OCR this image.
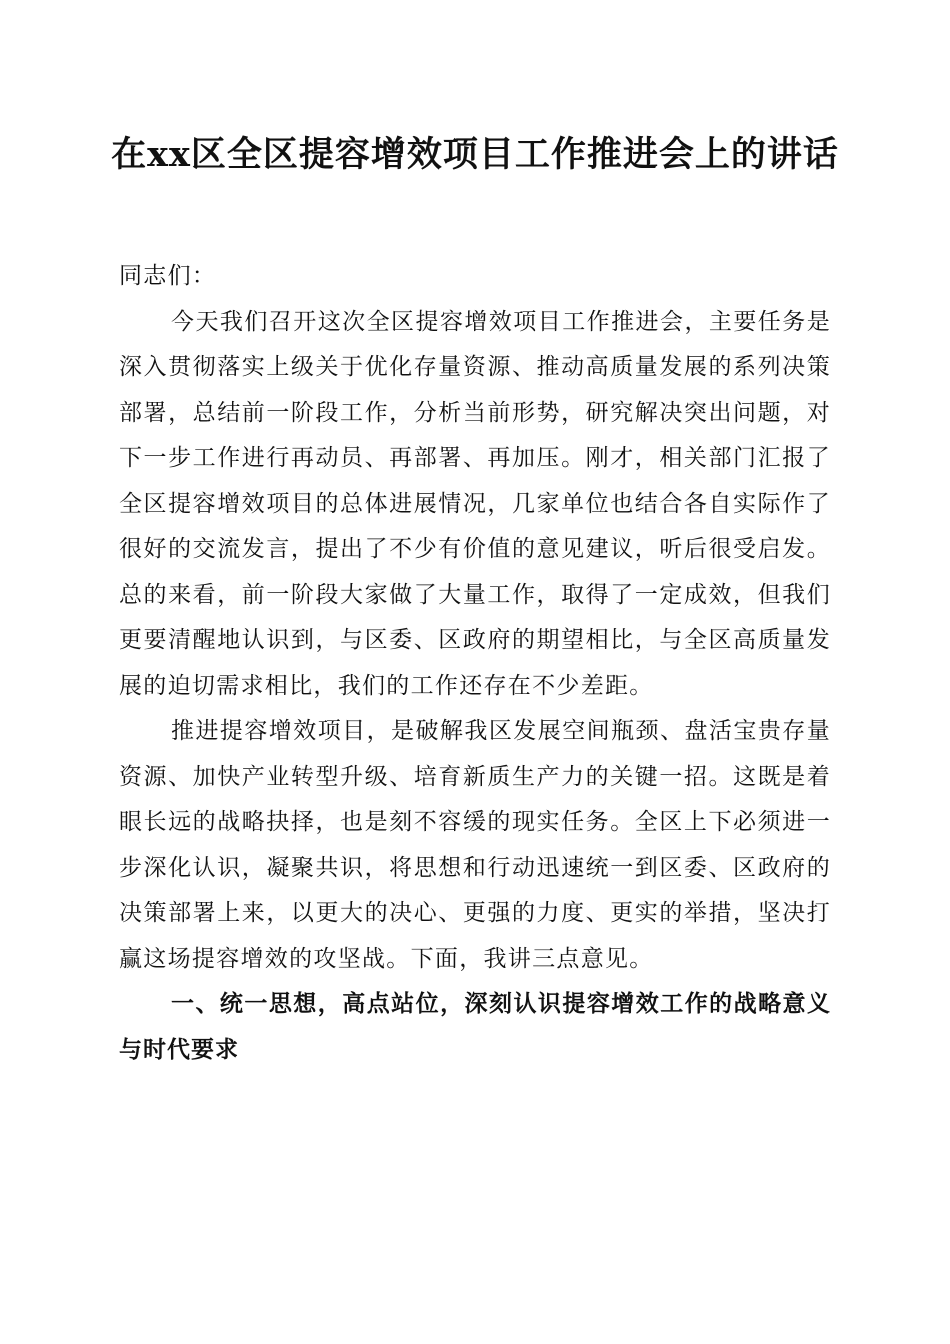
在xx区全区提容增效项目工作推进会上的讲话

同志们：

今天我们召开这次全区提容增效项目工作推进会，主要任务是深入贯彻落实上级关于优化存量资源、推动高质量发展的系列决策部署，总结前一阶段工作，分析当前形势，研究解决突出问题，对下一步工作进行再动员、再部署、再加压。刚才，相关部门汇报了全区提容增效项目的总体进展情况，几家单位也结合各自实际作了很好的交流发言，提出了不少有价值的意见建议，听后很受启发。总的来看，前一阶段大家做了大量工作，取得了一定成效，但我们更要清醒地认识到，与区委、区政府的期望相比，与全区高质量发展的迫切需求相比，我们的工作还存在不少差距。

推进提容增效项目，是破解我区发展空间瓶颈、盘活宝贵存量资源、加快产业转型升级、培育新质生产力的关键一招。这既是着眼长远的战略抉择，也是刻不容缓的现实任务。全区上下必须进一步深化认识，凝聚共识，将思想和行动迅速统一到区委、区政府的决策部署上来，以更大的决心、更强的力度、更实的举措，坚决打赢这场提容增效的攻坚战。下面，我讲三点意见。

一、统一思想，高点站位，深刻认识提容增效工作的战略意义与时代要求
